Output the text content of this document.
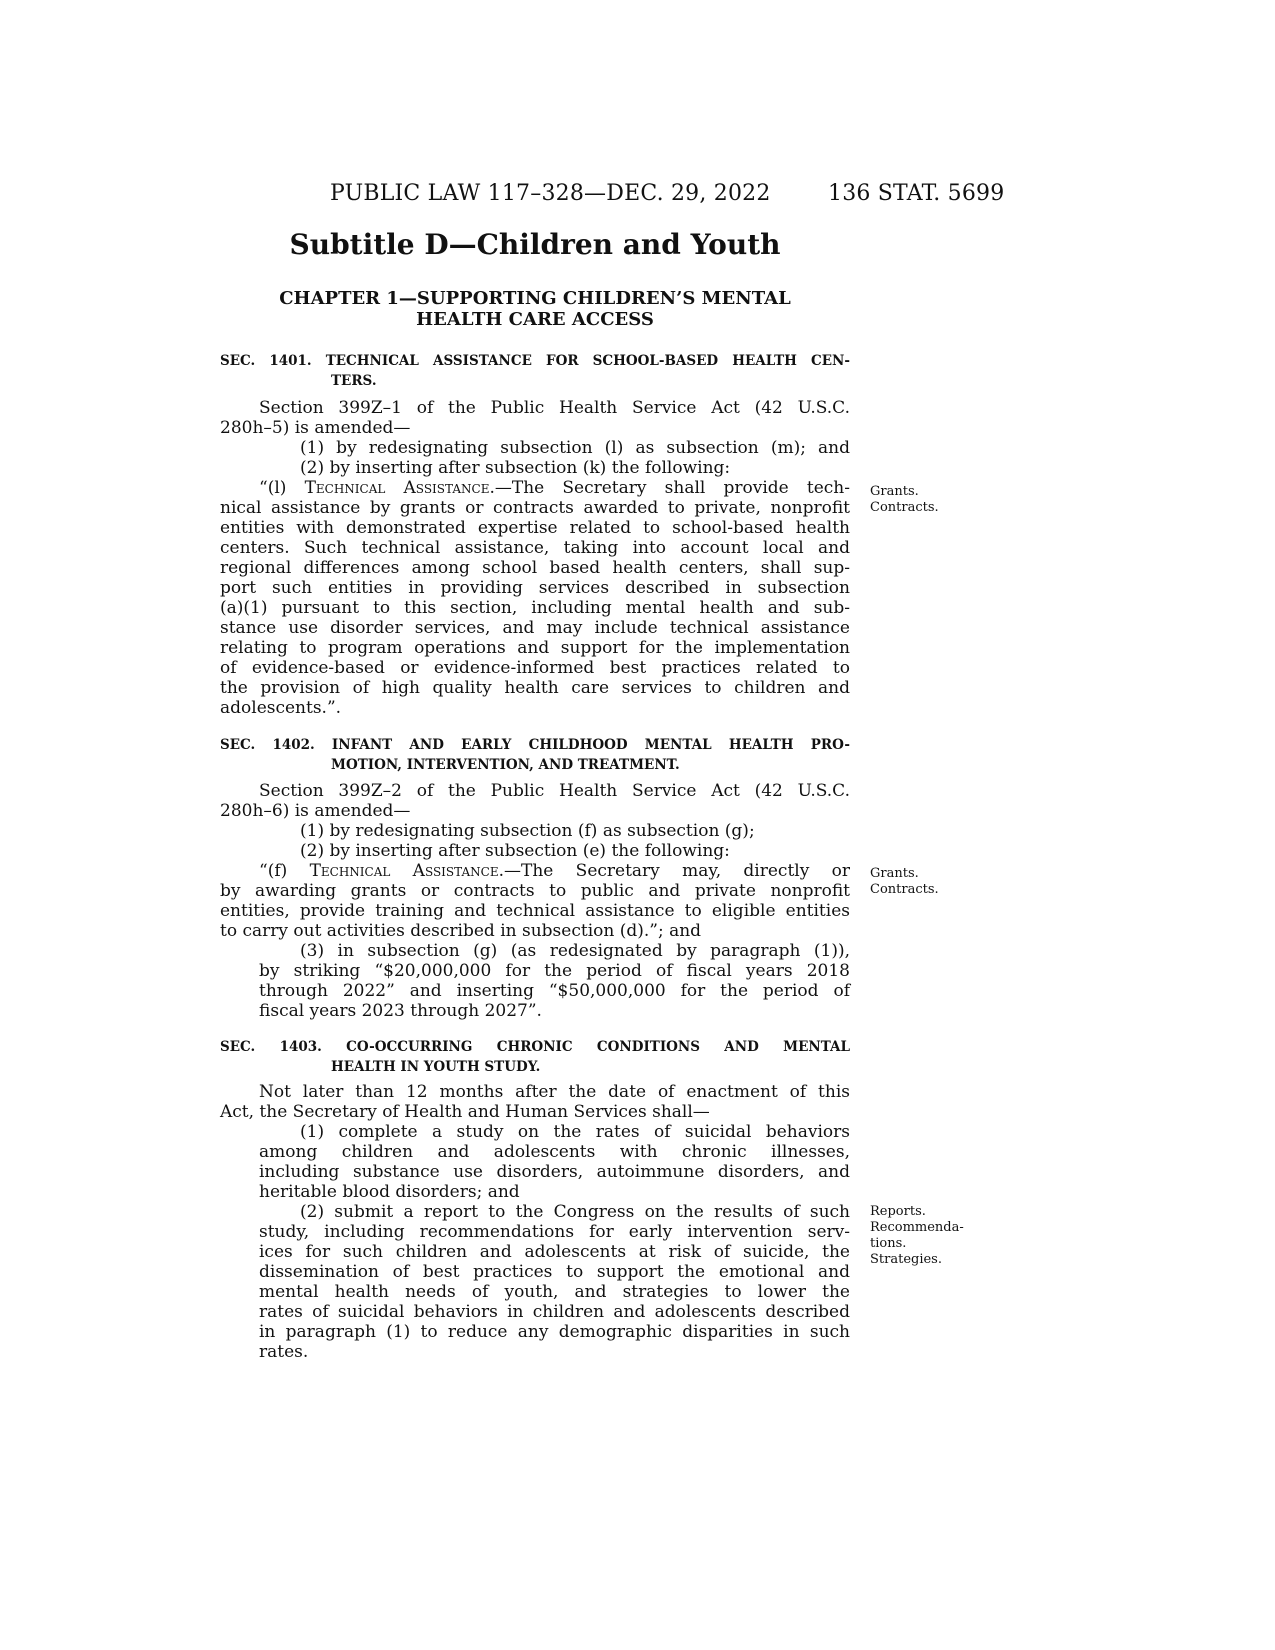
PUBLIC LAW 117–328—DEC. 29, 2022	136 STAT. 5699
Subtitle D—Children and Youth
CHAPTER 1—SUPPORTING CHILDREN’S MENTAL
HEALTH CARE ACCESS
SEC. 1401. TECHNICAL ASSISTANCE FOR SCHOOL-BASED HEALTH CEN-
TERS.
Section 399Z–1 of the Public Health Service Act (42 U.S.C.
280h–5) is amended—
(1) by redesignating subsection (l) as subsection (m); and
(2) by inserting after subsection (k) the following:
“(l) Technical Assistance.—The Secretary shall provide tech-
nical assistance by grants or contracts awarded to private, nonprofit
entities with demonstrated expertise related to school-based health
centers. Such technical assistance, taking into account local and
regional differences among school based health centers, shall sup-
port such entities in providing services described in subsection
(a)(1) pursuant to this section, including mental health and sub-
stance use disorder services, and may include technical assistance
relating to program operations and support for the implementation
of evidence-based or evidence-informed best practices related to
the provision of high quality health care services to children and
adolescents.”.
Grants.
Contracts.
SEC. 1402. INFANT AND EARLY CHILDHOOD MENTAL HEALTH PRO-
MOTION, INTERVENTION, AND TREATMENT.
Section 399Z–2 of the Public Health Service Act (42 U.S.C.
280h–6) is amended—
(1) by redesignating subsection (f) as subsection (g);
(2) by inserting after subsection (e) the following:
“(f) Technical Assistance.—The Secretary may, directly or
by awarding grants or contracts to public and private nonprofit
entities, provide training and technical assistance to eligible entities
to carry out activities described in subsection (d).”; and
(3) in subsection (g) (as redesignated by paragraph (1)),
by striking “$20,000,000 for the period of fiscal years 2018
through 2022” and inserting “$50,000,000 for the period of
fiscal years 2023 through 2027”.
Grants.
Contracts.
SEC. 1403. CO-OCCURRING CHRONIC CONDITIONS AND MENTAL
HEALTH IN YOUTH STUDY.
Not later than 12 months after the date of enactment of this
Act, the Secretary of Health and Human Services shall—
(1) complete a study on the rates of suicidal behaviors
among children and adolescents with chronic illnesses,
including substance use disorders, autoimmune disorders, and
heritable blood disorders; and
(2) submit a report to the Congress on the results of such
study, including recommendations for early intervention serv-
ices for such children and adolescents at risk of suicide, the
dissemination of best practices to support the emotional and
mental health needs of youth, and strategies to lower the
rates of suicidal behaviors in children and adolescents described
in paragraph (1) to reduce any demographic disparities in such
rates.
Reports.
Recommenda-
tions.
Strategies.
